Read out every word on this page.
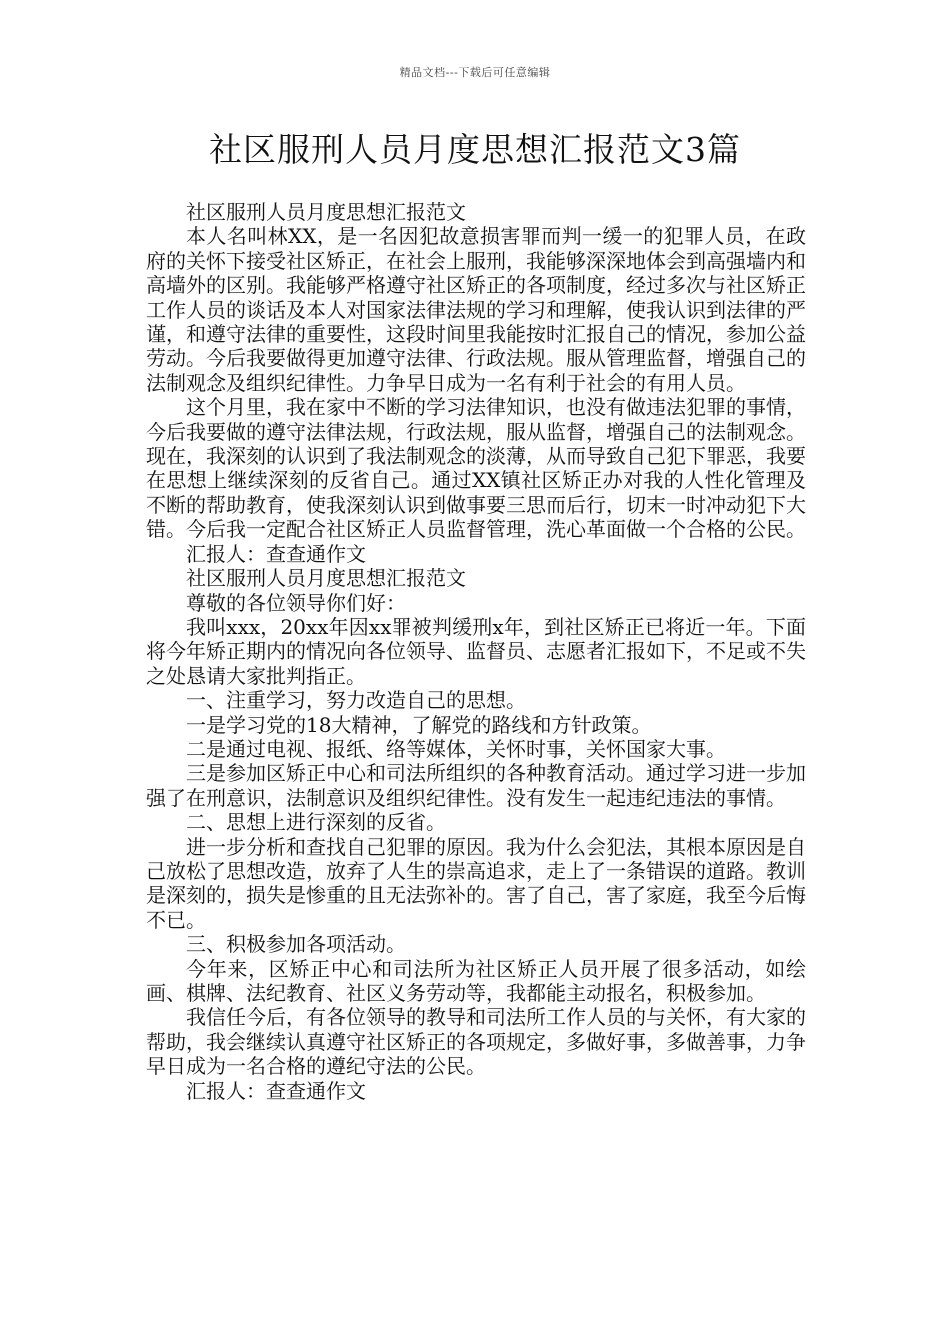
精品文档---下载后可任意编辑
社区服刑人员月度思想汇报范文3篇

社区服刑人员月度思想汇报范文

本人名叫林XX，是一名因犯故意损害罪而判一缓一的犯罪人员，在政府的关怀下接受社区矫正，在社会上服刑，我能够深深地体会到高强墙内和高墙外的区别。我能够严格遵守社区矫正的各项制度，经过多次与社区矫正工作人员的谈话及本人对国家法律法规的学习和理解，使我认识到法律的严谨，和遵守法律的重要性，这段时间里我能按时汇报自己的情况，参加公益劳动。今后我要做得更加遵守法律、行政法规。服从管理监督，增强自己的法制观念及组织纪律性。力争早日成为一名有利于社会的有用人员。

这个月里，我在家中不断的学习法律知识，也没有做违法犯罪的事情，今后我要做的遵守法律法规，行政法规，服从监督，增强自己的法制观念。现在，我深刻的认识到了我法制观念的淡薄，从而导致自己犯下罪恶，我要在思想上继续深刻的反省自己。通过XX镇社区矫正办对我的人性化管理及不断的帮助教育，使我深刻认识到做事要三思而后行，切末一时冲动犯下大错。今后我一定配合社区矫正人员监督管理，洗心革面做一个合格的公民。

汇报人：查查通作文

社区服刑人员月度思想汇报范文

尊敬的各位领导你们好：

我叫xxx，20xx年因xx罪被判缓刑x年，到社区矫正已将近一年。下面将今年矫正期内的情况向各位领导、监督员、志愿者汇报如下，不足或不失之处恳请大家批判指正。

一、注重学习，努力改造自己的思想。

一是学习党的18大精神，了解党的路线和方针政策。

二是通过电视、报纸、络等媒体，关怀时事，关怀国家大事。

三是参加区矫正中心和司法所组织的各种教育活动。通过学习进一步加强了在刑意识，法制意识及组织纪律性。没有发生一起违纪违法的事情。

二、思想上进行深刻的反省。

进一步分析和查找自己犯罪的原因。我为什么会犯法，其根本原因是自己放松了思想改造，放弃了人生的崇高追求，走上了一条错误的道路。教训是深刻的，损失是惨重的且无法弥补的。害了自己，害了家庭，我至今后悔不已。

三、积极参加各项活动。

今年来，区矫正中心和司法所为社区矫正人员开展了很多活动，如绘画、棋牌、法纪教育、社区义务劳动等，我都能主动报名，积极参加。

我信任今后，有各位领导的教导和司法所工作人员的与关怀，有大家的帮助，我会继续认真遵守社区矫正的各项规定，多做好事，多做善事，力争早日成为一名合格的遵纪守法的公民。

汇报人：查查通作文
